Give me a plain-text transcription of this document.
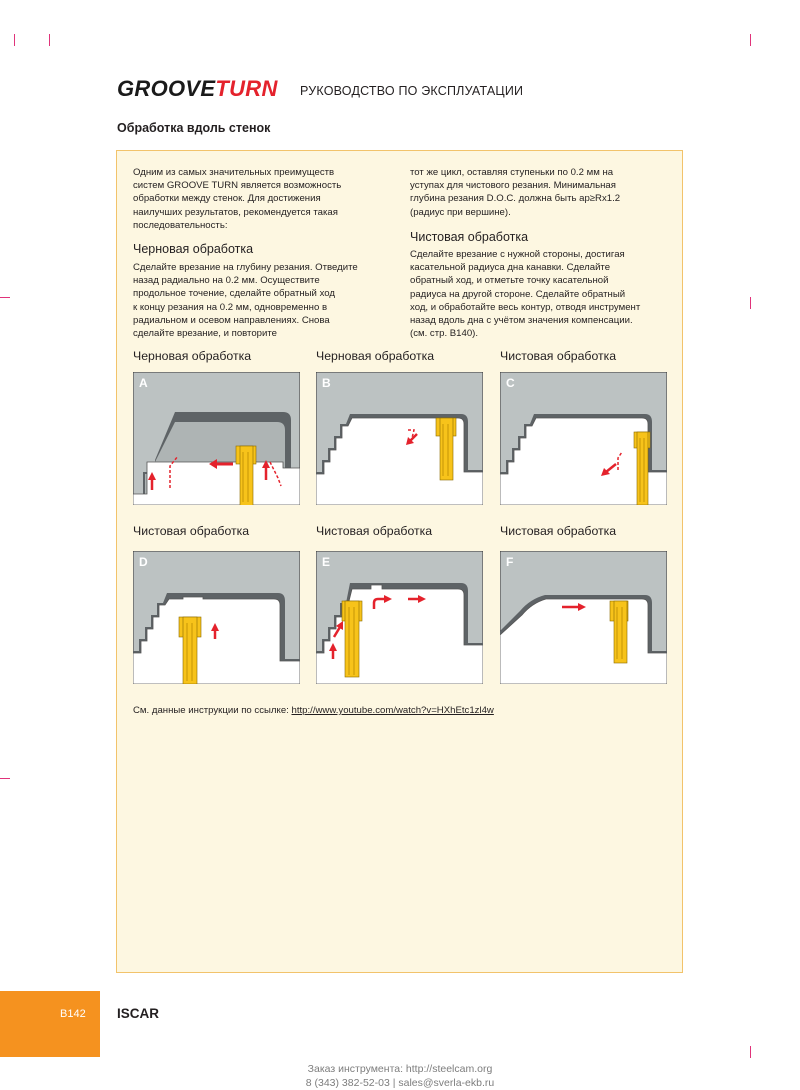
GROOVETURN РУКОВОДСТВО ПО ЭКСПЛУАТАЦИИ
Обработка вдоль стенок
Одним из самых значительных преимуществ
систем GROOVE TURN является возможность
обработки между стенок. Для достижения
наилучших результатов, рекомендуется такая
последовательность:
Черновая обработка
Сделайте врезание на глубину резания. Отведите
назад радиально на 0.2 мм. Осуществите
продольное точение, сделайте обратный ход
к концу резания на 0.2 мм, одновременно в
радиальном и осевом направлениях. Снова
сделайте врезание, и повторите
тот же цикл, оставляя ступеньки по 0.2 мм на
уступах для чистового резания. Минимальная
глубина резания D.O.C. должна быть ap≥Rx1.2
(радиус при вершине).
Чистовая обработка
Сделайте врезание с нужной стороны, достигая
касательной радиуса дна канавки. Сделайте
обратный ход, и отметьте точку касательной
радиуса на другой стороне. Сделайте обратный
ход, и обработайте весь контур, отводя инструмент
назад вдоль дна с учётом значения компенсации.
(см. стр. B140).
Черновая обработка	Черновая обработка	Чистовая обработка
Чистовая обработка	Чистовая обработка	Чистовая обработка
A	B	C
D	E	F
См. данные инструкции по ссылке: http://www.youtube.com/watch?v=HXhEtc1zl4w
B142 ISCAR
Заказ инструмента: http://steelcam.org
8 (343) 382-52-03 | sales@sverla-ekb.ru
